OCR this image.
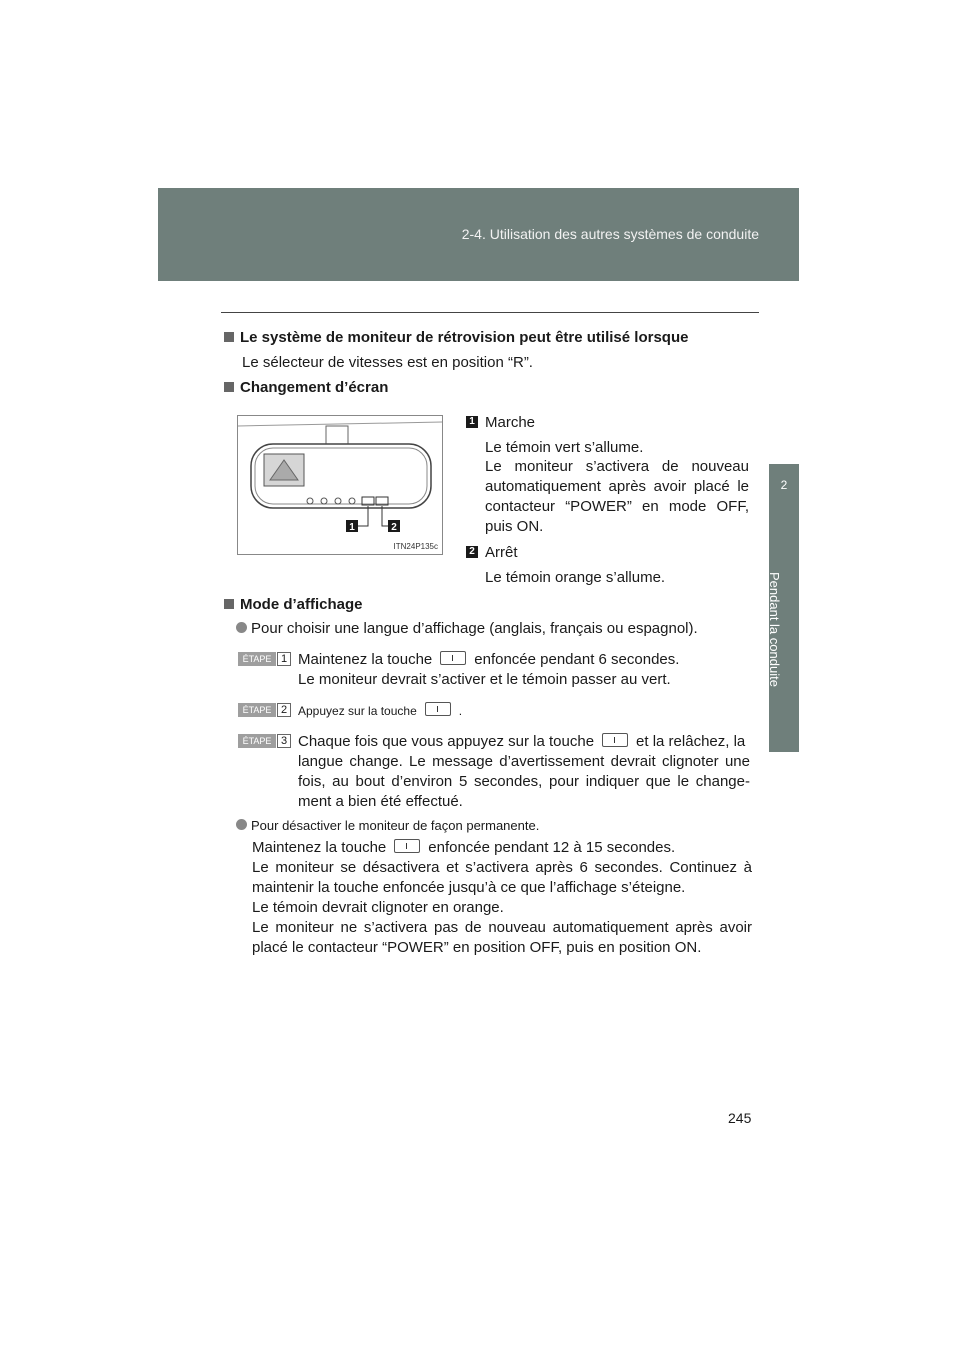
2-4. Utilisation des autres systèmes de conduite
2
Pendant la conduite
Le système de moniteur de rétrovision peut être utilisé lorsque
Le sélecteur de vitesses est en position “R”.
Changement d’écran
1	2
ITN24P135c
1 Marche
Le témoin vert s’allume.
Le moniteur s’activera de nouveau automatiquement après avoir placé le contacteur “POWER” en mode OFF, puis ON.
2 Arrêt
Le témoin orange s’allume.
Mode d’affichage
Pour choisir une langue d’affichage (anglais, français ou espagnol).
ÉTAPE 1 Maintenez la touche	enfoncée pendant 6 secondes.
Le moniteur devrait s’activer et le témoin passer au vert.
ÉTAPE 2 Appuyez sur la touche	.
ÉTAPE 3 Chaque fois que vous appuyez sur la touche	et la relâchez, la
langue change. Le message d’avertissement devrait clignoter une fois, au bout d’environ 5 secondes, pour indiquer que le change-ment a bien été effectué.
Pour désactiver le moniteur de façon permanente.
Maintenez la touche	enfoncée pendant 12 à 15 secondes.
Le moniteur se désactivera et s’activera après 6 secondes. Continuez à maintenir la touche enfoncée jusqu’à ce que l’affichage s’éteigne.
Le témoin devrait clignoter en orange.
Le moniteur ne s’activera pas de nouveau automatiquement après avoir placé le contacteur “POWER” en position OFF, puis en position ON.
245
